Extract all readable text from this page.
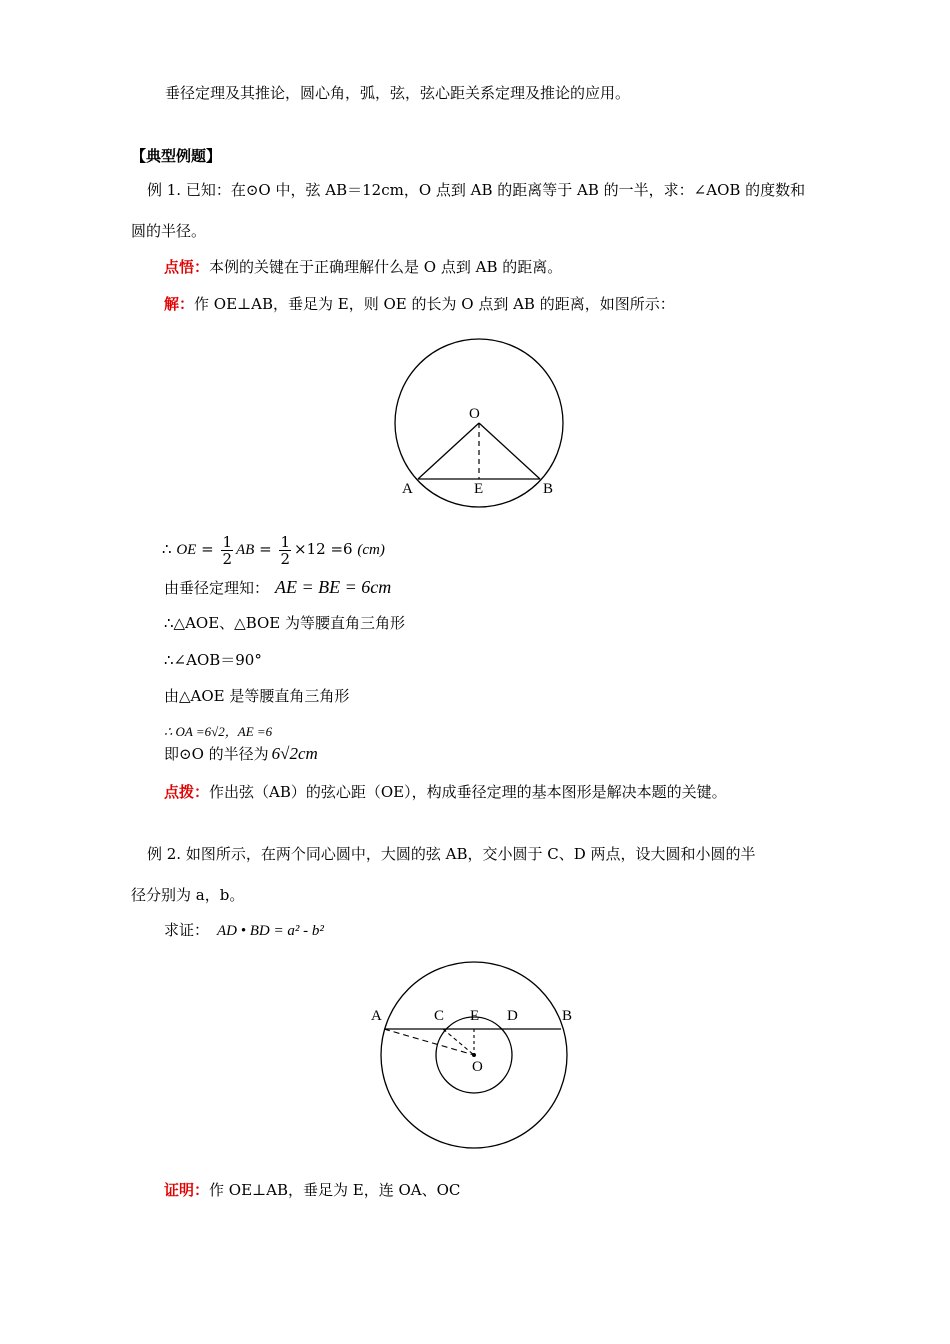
垂径定理及其推论，圆心角，弧，弦，弦心距关系定理及推论的应用。
【典型例题】
例 1. 已知：在⊙O 中，弦 AB＝12cm，O 点到 AB 的距离等于 AB 的一半，求：∠AOB 的度数和
圆的半径。
点悟：本例的关键在于正确理解什么是 O 点到 AB 的距离。
解：作 OE⊥AB，垂足为 E，则 OE 的长为 O 点到 AB 的距离，如图所示：
O
A	E	B
A	C E D	B
O
∴ OE = $\frac{1}{2}$ AB = $\frac{1}{2} \times 12 =6$ (cm)
由垂径定理知： AE = BE = 6cm
∴△AOE、△BOE 为等腰直角三角形
∴∠AOB＝90°
由△AOE 是等腰直角三角形
∴ OA =6√2，AE =6
即⊙O 的半径为 6√2cm
点拨：作出弦（AB）的弦心距（OE），构成垂径定理的基本图形是解决本题的关键。
例 2. 如图所示，在两个同心圆中，大圆的弦 AB，交小圆于 C、D 两点，设大圆和小圆的半
径分别为 a，b。
求证： AD • BD = a² - b²
证明：作 OE⊥AB，垂足为 E，连 OA、OC
